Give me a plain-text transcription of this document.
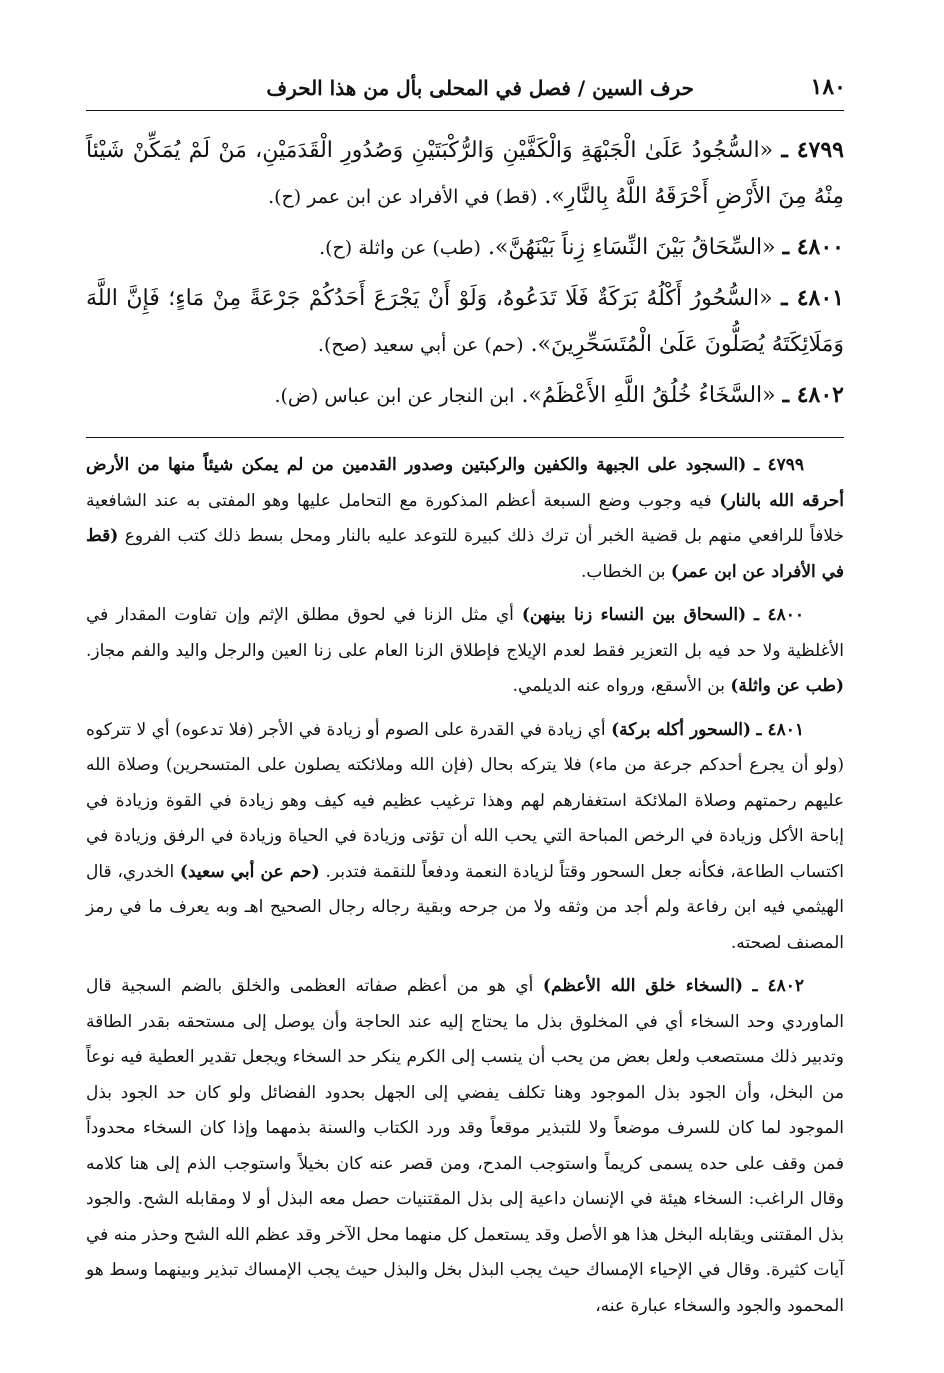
١٨٠
حرف السين / فصل في المحلى بأل من هذا الحرف

٤٧٩٩ ـ «السُّجُودُ عَلَىٰ الْجَبْهَةِ وَالْكَفَّيْنِ وَالرُّكْبَتَيْنِ وَصُدُورِ الْقَدَمَيْنِ، مَنْ لَمْ يُمَكِّنْ شَيْئاً مِنْهُ مِنَ الأَرْضِ أَحْرَقَهُ اللَّهُ بِالنَّارِ». (قط) في الأفراد عن ابن عمر (ح).

٤٨٠٠ ـ «السِّحَاقُ بَيْنَ النِّسَاءِ زِناً بَيْنَهُنَّ». (طب) عن واثلة (ح).

٤٨٠١ ـ «السُّحُورُ أَكْلُهُ بَرَكَةٌ فَلَا تَدَعُوهُ، وَلَوْ أَنْ يَجْرَعَ أَحَدُكُمْ جَرْعَةً مِنْ مَاءٍ؛ فَإِنَّ اللَّهَ وَمَلَائِكَتَهُ يُصَلُّونَ عَلَىٰ الْمُتَسَحِّرِينَ». (حم) عن أبي سعيد (صح).

٤٨٠٢ ـ «السَّخَاءُ خُلُقُ اللَّهِ الأَعْظَمُ». ابن النجار عن ابن عباس (ض).

٤٧٩٩ ـ (السجود على الجبهة والكفين والركبتين وصدور القدمين من لم يمكن شيئاً منها من الأرض أحرقه الله بالنار) فيه وجوب وضع السبعة أعظم المذكورة مع التحامل عليها وهو المفتى به عند الشافعية خلافاً للرافعي منهم بل قضية الخبر أن ترك ذلك كبيرة للتوعد عليه بالنار ومحل بسط ذلك كتب الفروع (قط في الأفراد عن ابن عمر) بن الخطاب.

٤٨٠٠ ـ (السحاق بين النساء زنا بينهن) أي مثل الزنا في لحوق مطلق الإثم وإن تفاوت المقدار في الأغلظية ولا حد فيه بل التعزير فقط لعدم الإيلاج فإطلاق الزنا العام على زنا العين والرجل واليد والفم مجاز. (طب عن واثلة) بن الأسقع، ورواه عنه الديلمي.

٤٨٠١ ـ (السحور أكله بركة) أي زيادة في القدرة على الصوم أو زيادة في الأجر (فلا تدعوه) أي لا تتركوه (ولو أن يجرع أحدكم جرعة من ماء) فلا يتركه بحال (فإن الله وملائكته يصلون على المتسحرين) وصلاة الله عليهم رحمتهم وصلاة الملائكة استغفارهم لهم وهذا ترغيب عظيم فيه كيف وهو زيادة في القوة وزيادة في إباحة الأكل وزيادة في الرخص المباحة التي يحب الله أن تؤتى وزيادة في الحياة وزيادة في الرفق وزيادة في اكتساب الطاعة، فكأنه جعل السحور وقتاً لزيادة النعمة ودفعاً للنقمة فتدبر. (حم عن أبي سعيد) الخدري، قال الهيثمي فيه ابن رفاعة ولم أجد من وثقه ولا من جرحه وبقية رجاله رجال الصحيح اهـ وبه يعرف ما في رمز المصنف لصحته.

٤٨٠٢ ـ (السخاء خلق الله الأعظم) أي هو من أعظم صفاته العظمى والخلق بالضم السجية قال الماوردي وحد السخاء أي في المخلوق بذل ما يحتاج إليه عند الحاجة وأن يوصل إلى مستحقه بقدر الطاقة وتدبير ذلك مستصعب ولعل بعض من يحب أن ينسب إلى الكرم ينكر حد السخاء ويجعل تقدير العطية فيه نوعاً من البخل، وأن الجود بذل الموجود وهنا تكلف يفضي إلى الجهل بحدود الفضائل ولو كان حد الجود بذل الموجود لما كان للسرف موضعاً ولا للتبذير موقعاً وقد ورد الكتاب والسنة بذمهما وإذا كان السخاء محدوداً فمن وقف على حده يسمى كريماً واستوجب المدح، ومن قصر عنه كان بخيلاً واستوجب الذم إلى هنا كلامه وقال الراغب: السخاء هيئة في الإنسان داعية إلى بذل المقتنيات حصل معه البذل أو لا ومقابله الشح. والجود بذل المقتنى ويقابله البخل هذا هو الأصل وقد يستعمل كل منهما محل الآخر وقد عظم الله الشح وحذر منه في آيات كثيرة. وقال في الإحياء الإمساك حيث يجب البذل بخل والبذل حيث يجب الإمساك تبذير وبينهما وسط هو المحمود والجود والسخاء عبارة عنه،
